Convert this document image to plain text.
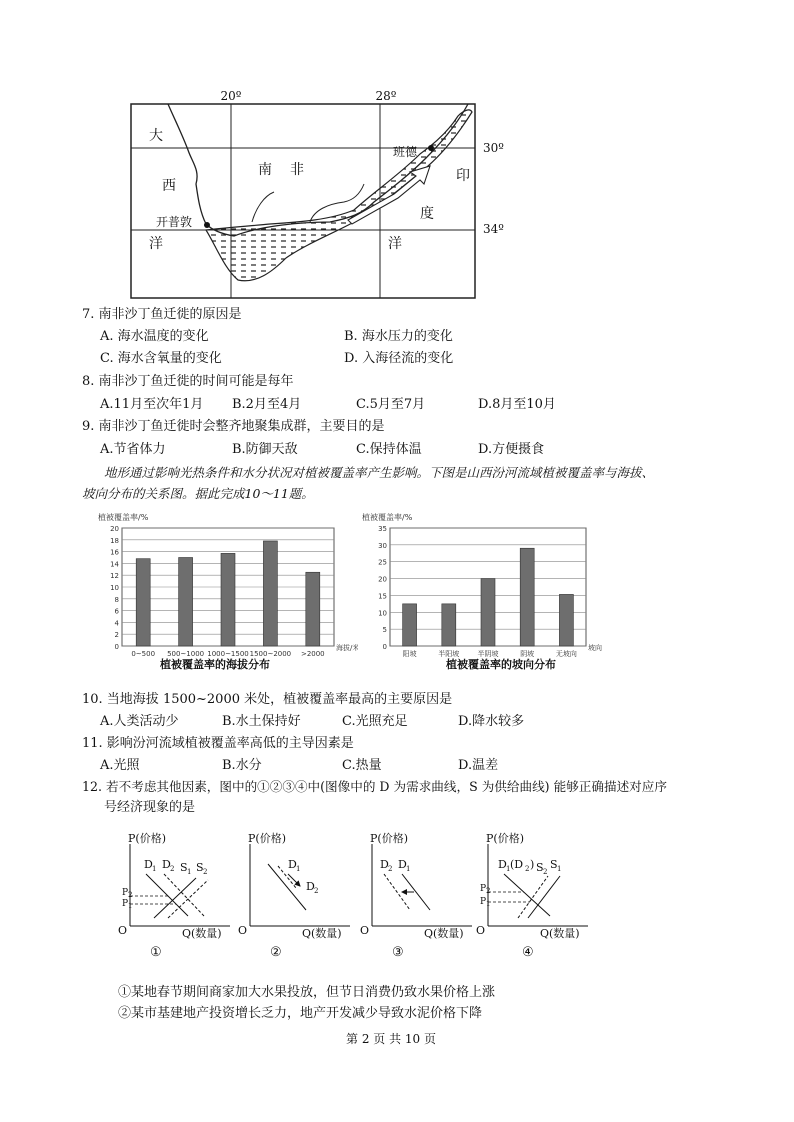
20º	28º
大
西
洋
南 非
开普敦
班德
印
度
洋
30º
34º
7. 南非沙丁鱼迁徙的原因是
A. 海水温度的变化	B. 海水压力的变化
C. 海水含氧量的变化	D. 入海径流的变化
8. 南非沙丁鱼迁徙的时间可能是每年
A.11月至次年1月 B.2月至4月	C.5月至7月	D.8月至10月
9. 南非沙丁鱼迁徙时会整齐地聚集成群，主要目的是
A.节省体力	B.防御天敌	C.保持体温	D.方便摄食
地形通过影响光热条件和水分状况对植被覆盖率产生影响。下图是山西汾河流域植被覆盖率与海拔、
坡向分布的关系图。据此完成10～11题。
植被覆盖率/%
0
2
4
6
8
10
12
14
16
18
20
0~500 500~1000 1000~1500 1500~2000 >2000
海拔/米
植被覆盖率的海拔分布
植被覆盖率/%
0
5
10
15
20
25
30
35
阳坡	半阳坡	半阴坡	阴坡	无坡向
坡向
植被覆盖率的坡向分布
10. 当地海拔 1500~2000 米处，植被覆盖率最高的主要原因是
A.人类活动少	B.水土保持好	C.光照充足	D.降水较多
11. 影响汾河流域植被覆盖率高低的主导因素是
A.光照	B.水分	C.热量	D.温差
12. 若不考虑其他因素，图中的①②③④中(图像中的 D 为需求曲线，S 为供给曲线) 能够正确描述对应序
号经济现象的是
P(价格)
O	Q(数量)
D 1 D 2 S 1 S 2
P 2
P 1
①
P(价格)
O	Q(数量)
D 1
D 2
②
P(价格)
O	Q(数量)
D 2 D 1
③
P(价格)
O	Q(数量)
D 1 (D 2 ) S 2
S 1
P 2
P 1
④
①某地春节期间商家加大水果投放，但节日消费仍致水果价格上涨
②某市基建地产投资增长乏力，地产开发减少导致水泥价格下降
第 2 页 共 10 页
